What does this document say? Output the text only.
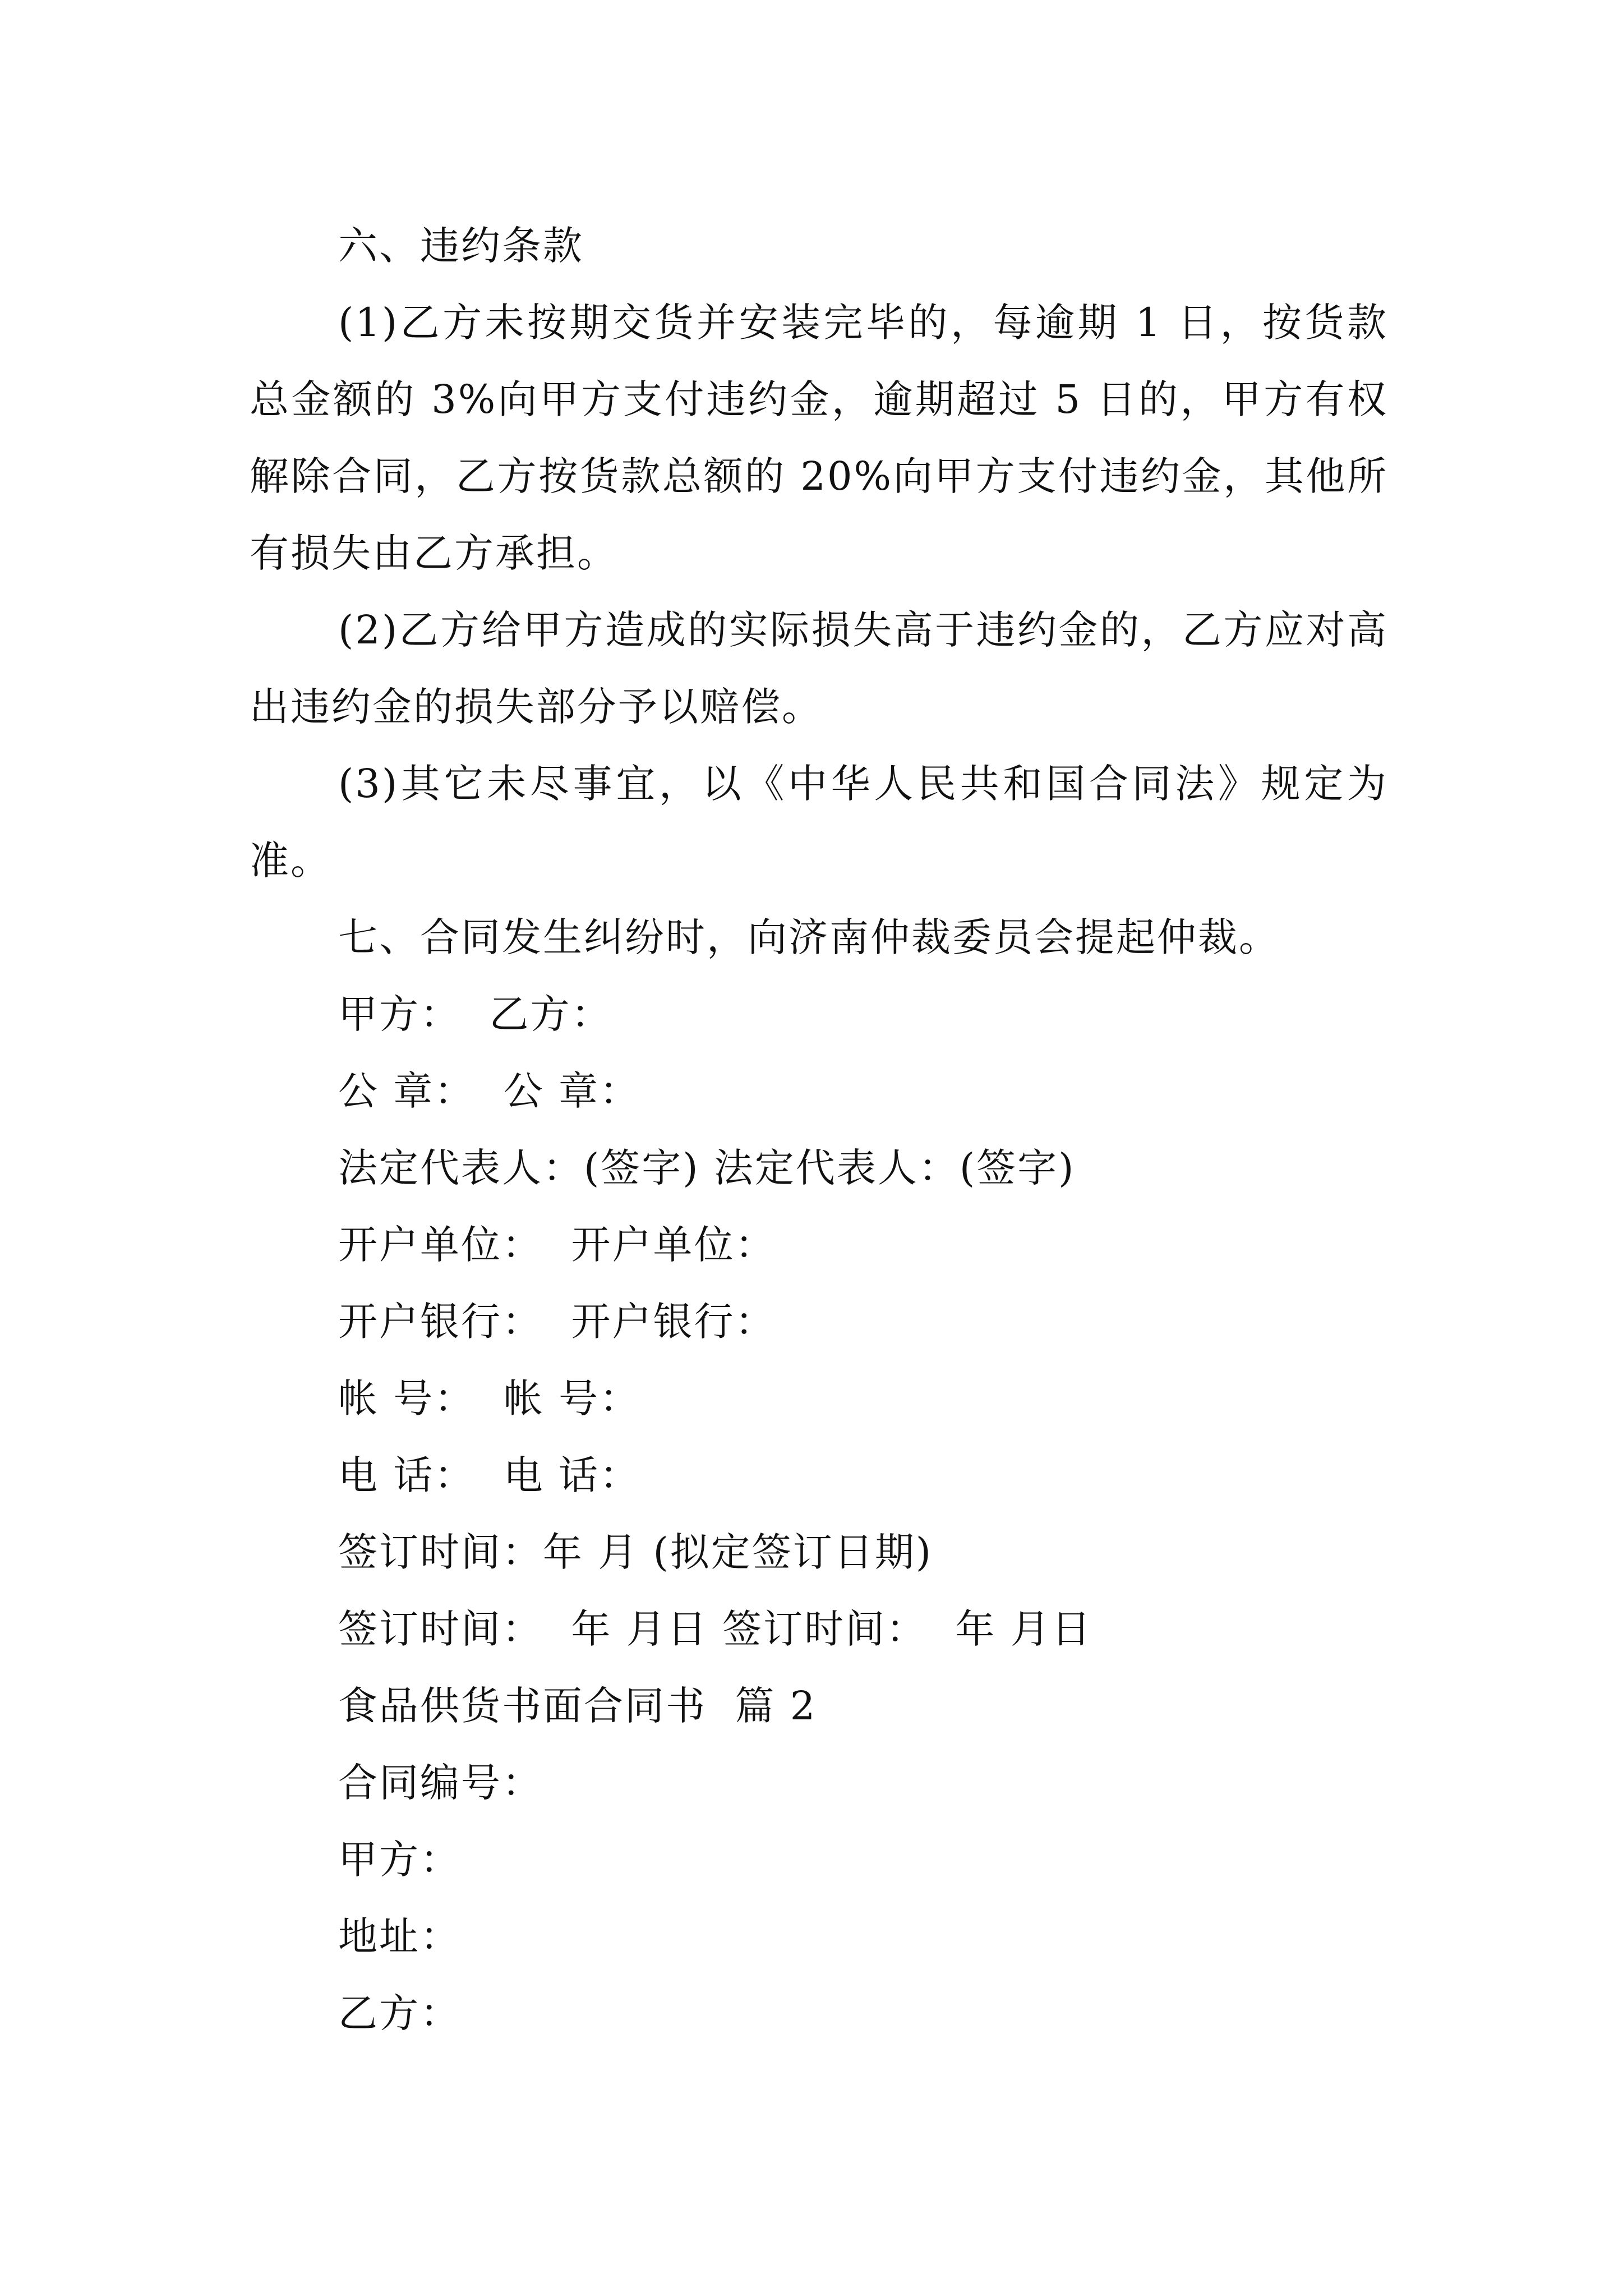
六、违约条款

(1)乙方未按期交货并安装完毕的，每逾期 1 日，按货款总金额的 3%向甲方支付违约金，逾期超过 5 日的，甲方有权解除合同，乙方按货款总额的 20%向甲方支付违约金，其他所有损失由乙方承担。

(2)乙方给甲方造成的实际损失高于违约金的，乙方应对高出违约金的损失部分予以赔偿。

(3)其它未尽事宜，以《中华人民共和国合同法》规定为准。

七、合同发生纠纷时，向济南仲裁委员会提起仲裁。

甲方：  乙方：

公 章：  公 章：

法定代表人：(签字) 法定代表人：(签字)

开户单位：  开户单位：

开户银行：  开户银行：

帐 号：  帐 号：

电 话：  电 话：

签订时间：年 月 (拟定签订日期)

签订时间：  年 月日 签订时间：  年 月日

食品供货书面合同书  篇 2

合同编号：

甲方：

地址：

乙方：
